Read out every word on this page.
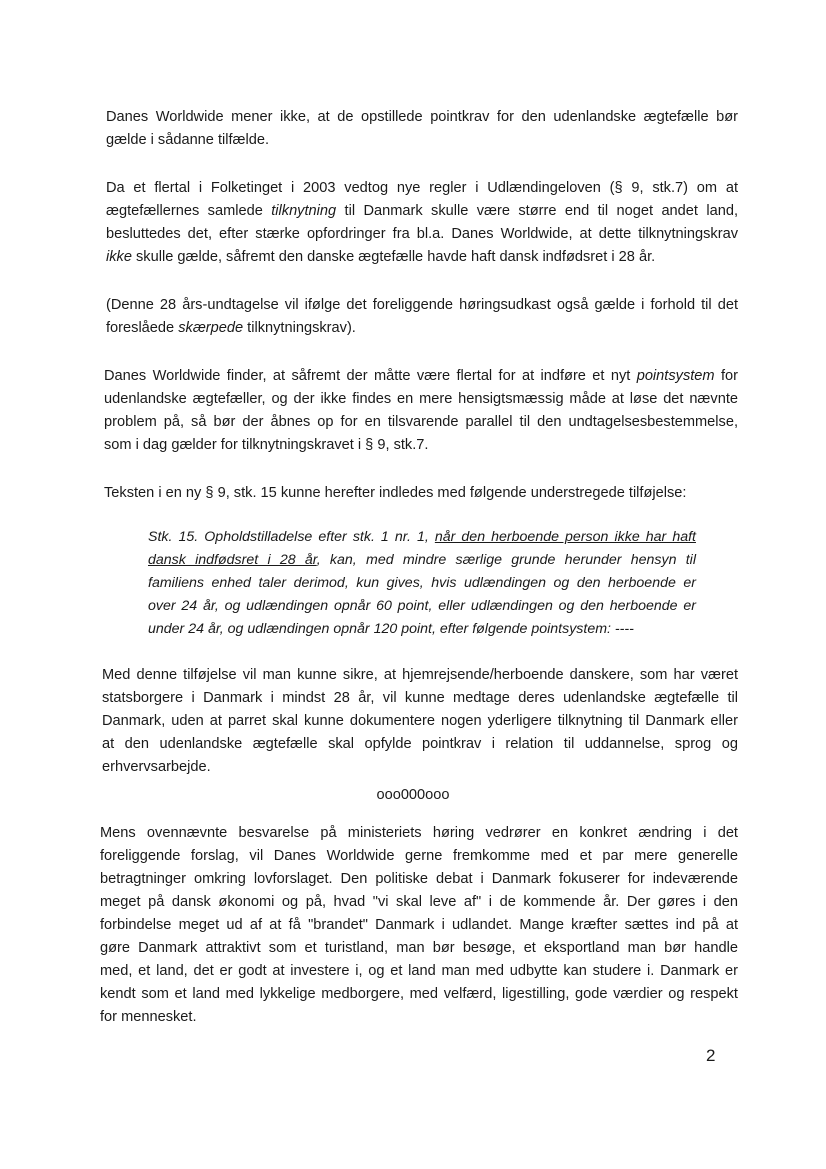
Danes Worldwide mener ikke, at de opstillede pointkrav for den udenlandske ægtefælle bør
gælde i sådanne tilfælde.
Da et flertal i Folketinget i 2003 vedtog nye regler i Udlændingeloven (§ 9, stk.7) om at
ægtefællernes samlede tilknytning til Danmark skulle være større end til noget andet land,
besluttedes det, efter stærke opfordringer fra bl.a. Danes Worldwide, at dette tilknytningskrav
ikke skulle gælde, såfremt den danske ægtefælle havde haft dansk indfødsret i 28 år.
(Denne 28 års-undtagelse vil ifølge det foreliggende høringsudkast også gælde i forhold til det
foreslåede skærpede tilknytningskrav).
Danes Worldwide finder, at såfremt der måtte være flertal for at indføre et nyt pointsystem for
udenlandske ægtefæller, og der ikke findes en mere hensigtsmæssig måde at løse det nævnte
problem på, så bør der åbnes op for en tilsvarende parallel til den undtagelsesbestemmelse,
som i dag gælder for tilknytningskravet i § 9, stk.7.
Teksten i en ny § 9, stk. 15 kunne herefter indledes med følgende understregede tilføjelse:
Stk. 15. Opholdstilladelse efter stk. 1 nr. 1, når den herboende person ikke har haft
dansk indfødsret i 28 år, kan, med mindre særlige grunde herunder hensyn til
familiens enhed taler derimod, kun gives, hvis udlændingen og den herboende er
over 24 år, og udlændingen opnår 60 point, eller udlændingen og den herboende er
under 24 år, og udlændingen opnår 120 point, efter følgende pointsystem: ----
Med denne tilføjelse vil man kunne sikre, at hjemrejsende/herboende danskere, som har været
statsborgere i Danmark i mindst 28 år, vil kunne medtage deres udenlandske ægtefælle til
Danmark, uden at parret skal kunne dokumentere nogen yderligere tilknytning til Danmark eller
at den udenlandske ægtefælle skal opfylde pointkrav i relation til uddannelse, sprog og
erhvervsarbejde.
ooo000ooo
Mens ovennævnte besvarelse på ministeriets høring vedrører en konkret ændring i det
foreliggende forslag, vil Danes Worldwide gerne fremkomme med et par mere generelle
betragtninger omkring lovforslaget. Den politiske debat i Danmark fokuserer for indeværende
meget på dansk økonomi og på, hvad "vi skal leve af" i de kommende år. Der gøres i den
forbindelse meget ud af at få "brandet" Danmark i udlandet. Mange kræfter sættes ind på at
gøre Danmark attraktivt som et turistland, man bør besøge, et eksportland man bør handle
med, et land, det er godt at investere i, og et land man med udbytte kan studere i. Danmark er
kendt som et land med lykkelige medborgere, med velfærd, ligestilling, gode værdier og respekt
for mennesket.
2
